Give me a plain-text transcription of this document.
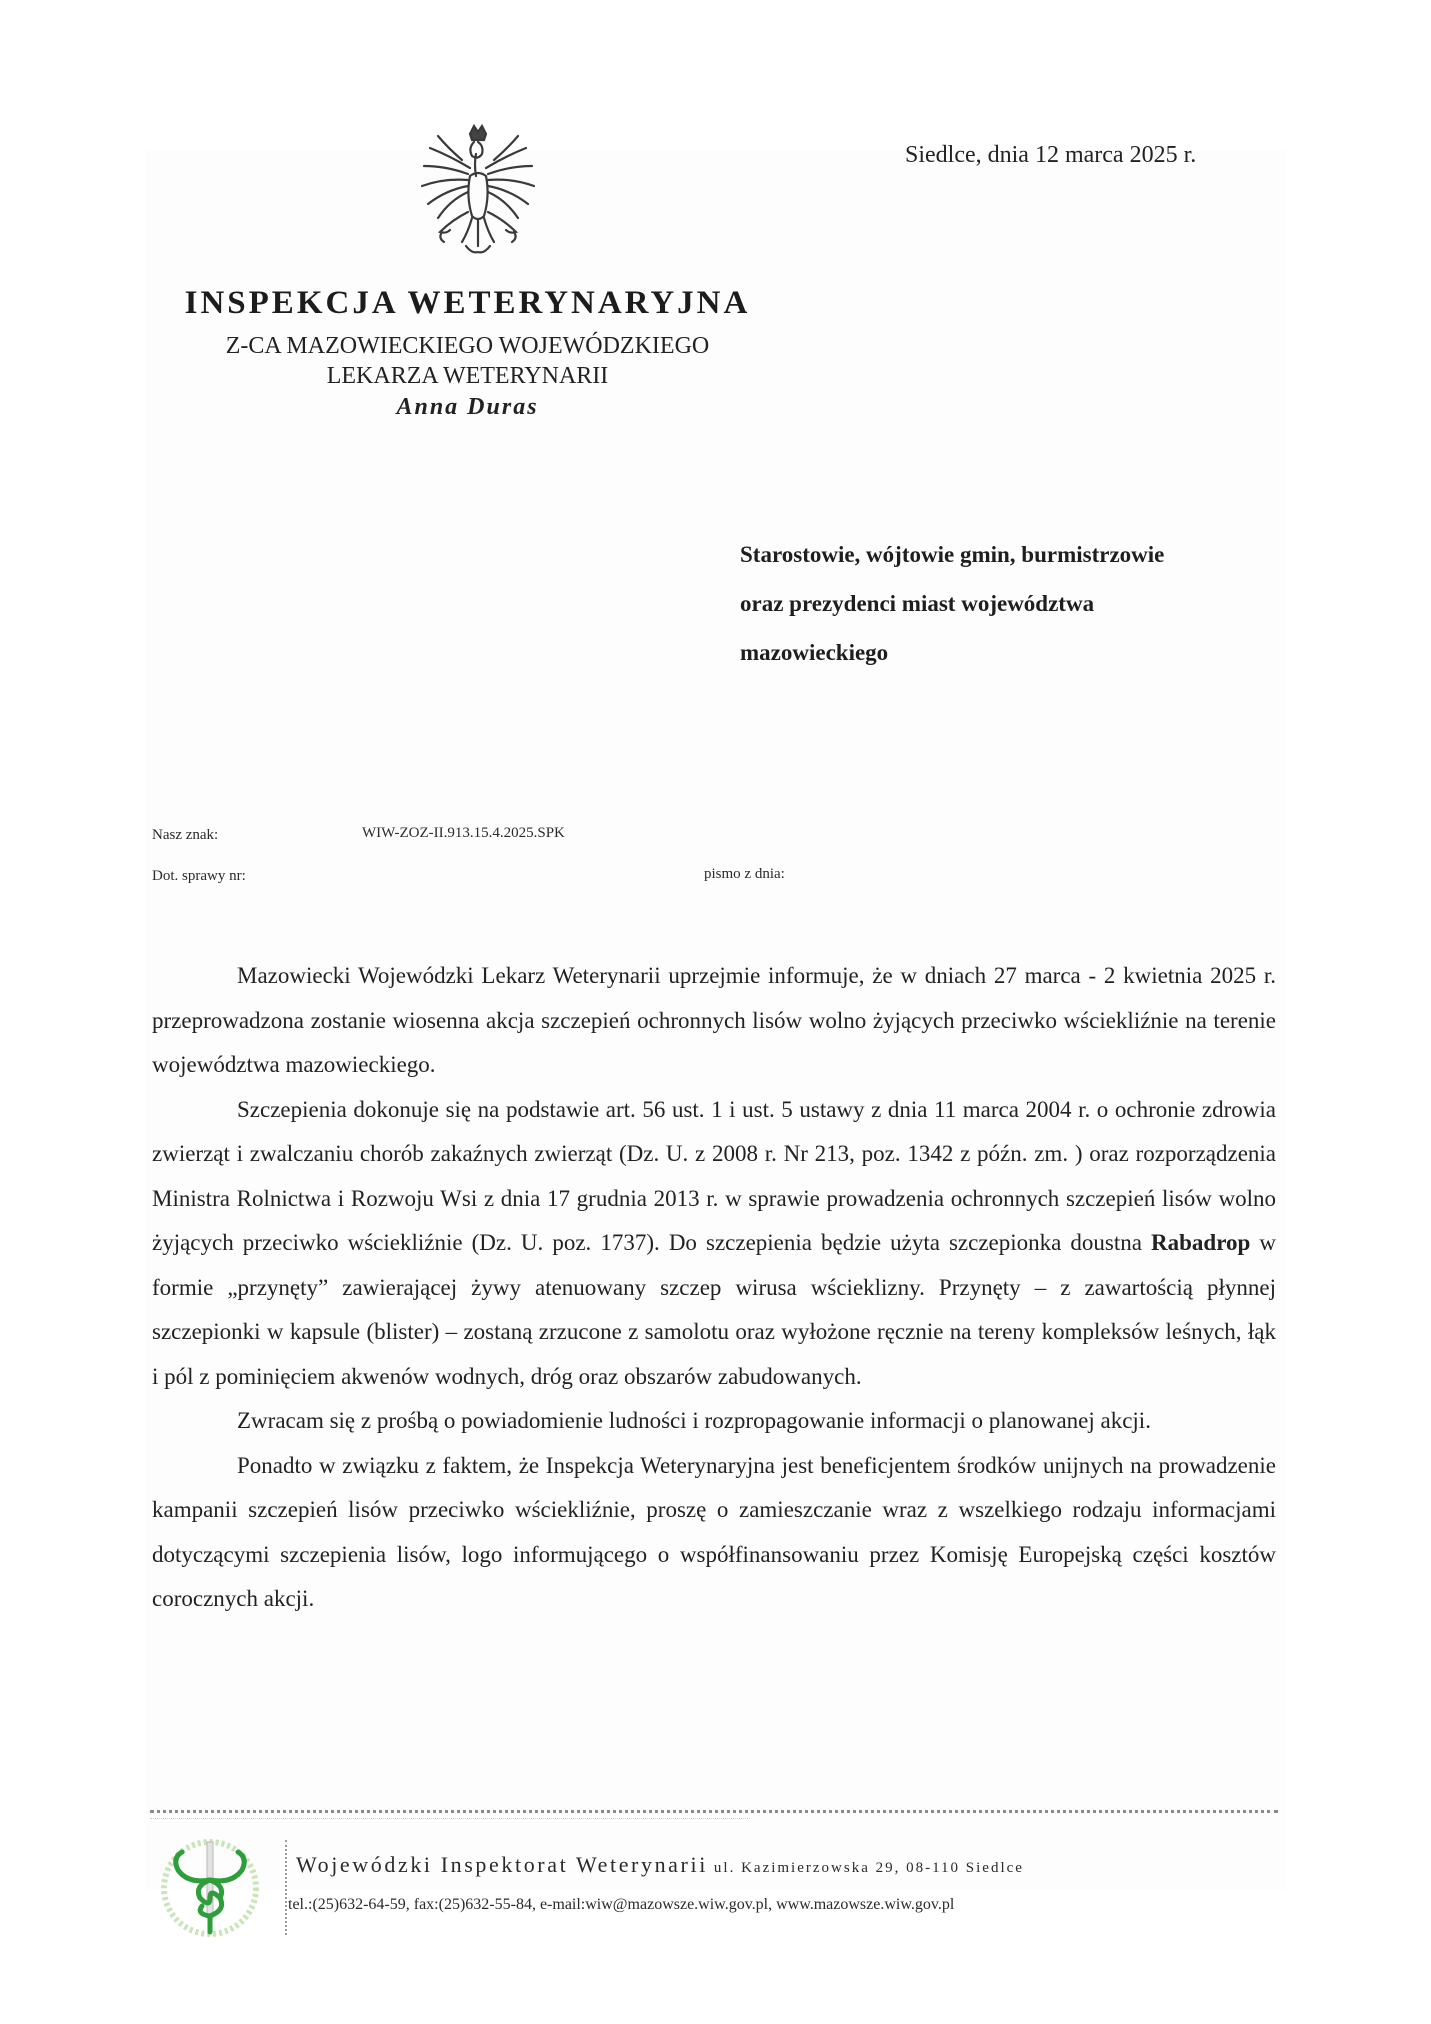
Siedlce, dnia 12 marca 2025 r.
INSPEKCJA WETERYNARYJNA
Z-CA MAZOWIECKIEGO WOJEWÓDZKIEGO
LEKARZA WETERYNARII
Anna Duras
Starostowie, wójtowie gmin, burmistrzowie
oraz prezydenci miast województwa
mazowieckiego
Nasz znak:	WIW-ZOZ-II.913.15.4.2025.SPK
Dot. sprawy nr:	pismo z dnia:

Mazowiecki Wojewódzki Lekarz Weterynarii uprzejmie informuje, że w dniach 27 marca - 2 kwietnia 2025 r. przeprowadzona zostanie wiosenna akcja szczepień ochronnych lisów wolno żyjących przeciwko wściekliźnie na terenie województwa mazowieckiego.

Szczepienia dokonuje się na podstawie art. 56 ust. 1 i ust. 5 ustawy z dnia 11 marca 2004 r. o ochronie zdrowia zwierząt i zwalczaniu chorób zakaźnych zwierząt (Dz. U. z 2008 r. Nr 213, poz. 1342 z późn. zm. ) oraz rozporządzenia Ministra Rolnictwa i Rozwoju Wsi z dnia 17 grudnia 2013 r. w sprawie prowadzenia ochronnych szczepień lisów wolno żyjących przeciwko wściekliźnie (Dz. U. poz. 1737). Do szczepienia będzie użyta szczepionka doustna Rabadrop w formie „przynęty” zawierającej żywy atenuowany szczep wirusa wścieklizny. Przynęty – z zawartością płynnej szczepionki w kapsule (blister) – zostaną zrzucone z samolotu oraz wyłożone ręcznie na tereny kompleksów leśnych, łąk i pól z pominięciem akwenów wodnych, dróg oraz obszarów zabudowanych.

Zwracam się z prośbą o powiadomienie ludności i rozpropagowanie informacji o planowanej akcji.

Ponadto w związku z faktem, że Inspekcja Weterynaryjna jest beneficjentem środków unijnych na prowadzenie kampanii szczepień lisów przeciwko wściekliźnie, proszę o zamieszczanie wraz z wszelkiego rodzaju informacjami dotyczącymi szczepienia lisów, logo informującego o współfinansowaniu przez Komisję Europejską części kosztów corocznych akcji.

Wojewódzki Inspektorat Weterynarii ul. Kazimierzowska 29, 08-110 Siedlce
tel.:(25)632-64-59, fax:(25)632-55-84, e-mail:wiw@mazowsze.wiw.gov.pl, www.mazowsze.wiw.gov.pl
